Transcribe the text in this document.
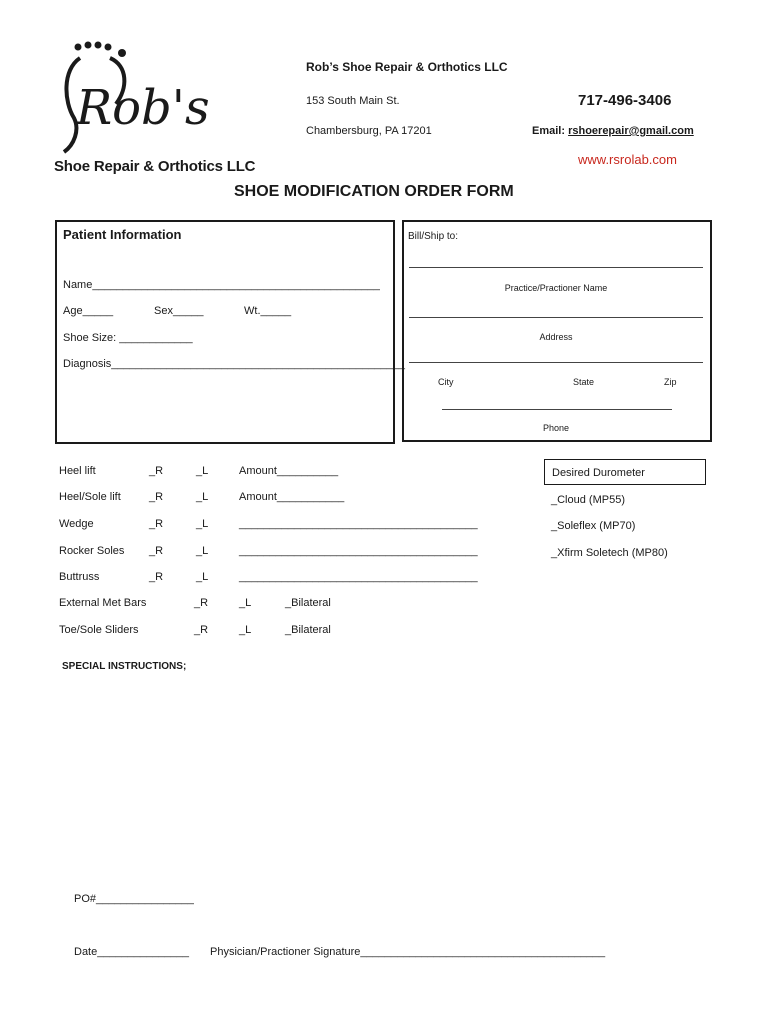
Rob's
Shoe Repair & Orthotics LLC
Rob’s Shoe Repair & Orthotics LLC
153 South Main St.
Chambersburg, PA 17201
717-496-3406
Email: rshoerepair@gmail.com
www.rsrolab.com
SHOE MODIFICATION ORDER FORM
Patient Information
Name_______________________________________________
Age_____	Sex_____	Wt._____
Shoe Size: ____________
Diagnosis________________________________________________
Bill/Ship to:
Practice/Practioner Name
Address
City	State	Zip
Phone
Heel lift	_R	_L	Amount__________
Heel/Sole lift	_R	_L	Amount___________
Wedge	_R	_L	_______________________________________
Rocker Soles _R	_L	_______________________________________
Buttruss	_R	_L	_______________________________________
External Met Bars	_R	_L	_Bilateral
Toe/Sole Sliders	_R	_L	_Bilateral
Desired Durometer
_Cloud (MP55)
_Soleflex (MP70)
_Xfirm Soletech (MP80)
SPECIAL INSTRUCTIONS;
PO#________________
Date_______________ Physician/Practioner Signature________________________________________
